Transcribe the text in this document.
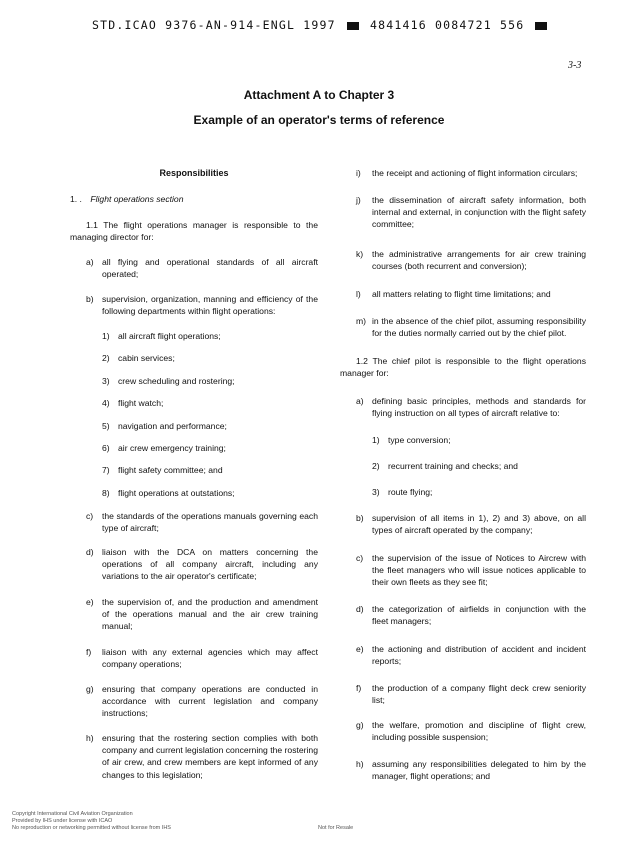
STD.ICAO 9376-AN-914-ENGL 1997	4841416 0084721 556
3-3
Attachment A to Chapter 3
Example of an operator's terms of reference
Responsibilities
1. . Flight operations section
1.1 The flight operations manager is responsible to the managing director for:
a) all flying and operational standards of all aircraft operated;
b) supervision, organization, manning and efficiency of the following departments within flight operations:
1) all aircraft flight operations;
2) cabin services;
3) crew scheduling and rostering;
4) flight watch;
5) navigation and performance;
6) air crew emergency training;
7) flight safety committee; and
8) flight operations at outstations;
c) the standards of the operations manuals governing each type of aircraft;
d) liaison with the DCA on matters concerning the operations of all company aircraft, including any variations to the air operator's certificate;
e) the supervision of, and the production and amendment of the operations manual and the air crew training manual;
f) liaison with any external agencies which may affect company operations;
g) ensuring that company operations are conducted in accordance with current legislation and company instructions;
h) ensuring that the rostering section complies with both company and current legislation concerning the rostering of air crew, and crew members are kept informed of any changes to this legislation;
i) the receipt and actioning of flight information circulars;
j) the dissemination of aircraft safety information, both internal and external, in conjunction with the flight safety committee;
k) the administrative arrangements for air crew training courses (both recurrent and conversion);
l) all matters relating to flight time limitations; and
m) in the absence of the chief pilot, assuming responsibility for the duties normally carried out by the chief pilot.
1.2 The chief pilot is responsible to the flight operations manager for:
a) defining basic principles, methods and standards for flying instruction on all types of aircraft relative to:
1) type conversion;
2) recurrent training and checks; and
3) route flying;
b) supervision of all items in 1), 2) and 3) above, on all types of aircraft operated by the company;
c) the supervision of the issue of Notices to Aircrew with the fleet managers who will issue notices applicable to their own fleets as they see fit;
d) the categorization of airfields in conjunction with the fleet managers;
e) the actioning and distribution of accident and incident reports;
f) the production of a company flight deck crew seniority list;
g) the welfare, promotion and discipline of flight crew, including possible suspension;
h) assuming any responsibilities delegated to him by the manager, flight operations; and
Copyright International Civil Aviation Organization
Provided by IHS under license with ICAO
No reproduction or networking permitted without license from IHS	Not for Resale
